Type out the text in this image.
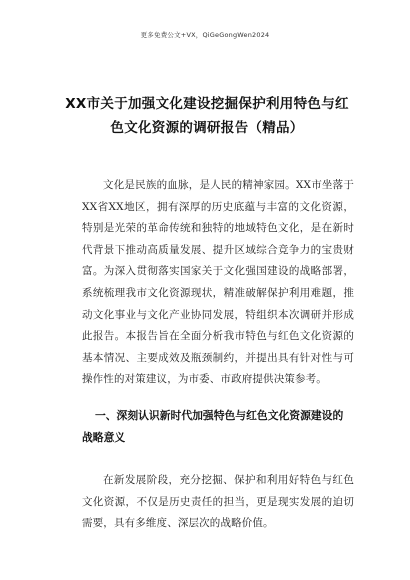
更多免费公文+VX，QiGeGongWen2024
XX市关于加强文化建设挖掘保护利用特色与红色文化资源的调研报告（精品）

文化是民族的血脉，是人民的精神家园。XX市坐落于XX省XX地区，拥有深厚的历史底蕴与丰富的文化资源，特别是光荣的革命传统和独特的地域特色文化，是在新时代背景下推动高质量发展、提升区域综合竞争力的宝贵财富。为深入贯彻落实国家关于文化强国建设的战略部署，系统梳理我市文化资源现状，精准破解保护利用难题，推动文化事业与文化产业协同发展，特组织本次调研并形成此报告。本报告旨在全面分析我市特色与红色文化资源的基本情况、主要成效及瓶颈制约，并提出具有针对性与可操作性的对策建议，为市委、市政府提供决策参考。

一、深刻认识新时代加强特色与红色文化资源建设的战略意义

在新发展阶段，充分挖掘、保护和利用好特色与红色文化资源，不仅是历史责任的担当，更是现实发展的迫切需要，具有多维度、深层次的战略价值。
